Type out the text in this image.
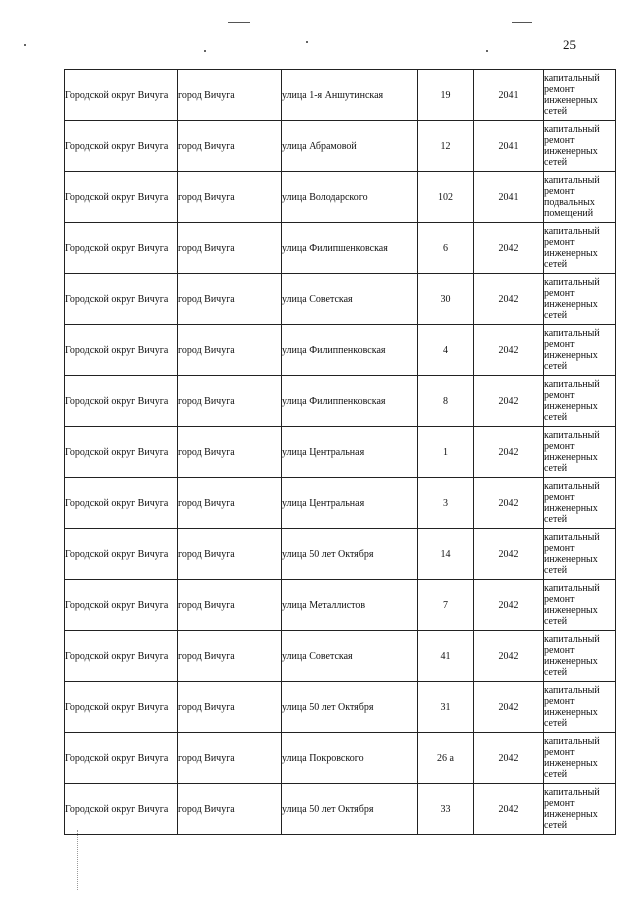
25
Городской округ Вичуга	город Вичуга	улица 1-я Аншутинская	19	2041	капитальный ремонт инженерных сетей
Городской округ Вичуга	город Вичуга	улица Абрамовой	12	2041	капитальный ремонт инженерных сетей
Городской округ Вичуга	город Вичуга	улица Володарского	102	2041	капитальный ремонт подвальных помещений
Городской округ Вичуга	город Вичуга	улица Филипшенковская	6	2042	капитальный ремонт инженерных сетей
Городской округ Вичуга	город Вичуга	улица Советская	30	2042	капитальный ремонт инженерных сетей
Городской округ Вичуга	город Вичуга	улица Филиппенковская	4	2042	капитальный ремонт инженерных сетей
Городской округ Вичуга	город Вичуга	улица Филиппенковская	8	2042	капитальный ремонт инженерных сетей
Городской округ Вичуга	город Вичуга	улица Центральная	1	2042	капитальный ремонт инженерных сетей
Городской округ Вичуга	город Вичуга	улица Центральная	3	2042	капитальный ремонт инженерных сетей
Городской округ Вичуга	город Вичуга	улица 50 лет Октября	14	2042	капитальный ремонт инженерных сетей
Городской округ Вичуга	город Вичуга	улица Металлистов	7	2042	капитальный ремонт инженерных сетей
Городской округ Вичуга	город Вичуга	улица Советская	41	2042	капитальный ремонт инженерных сетей
Городской округ Вичуга	город Вичуга	улица 50 лет Октября	31	2042	капитальный ремонт инженерных сетей
Городской округ Вичуга	город Вичуга	улица Покровского	26 а	2042	капитальный ремонт инженерных сетей
Городской округ Вичуга	город Вичуга	улица 50 лет Октября	33	2042	капитальный ремонт инженерных сетей
